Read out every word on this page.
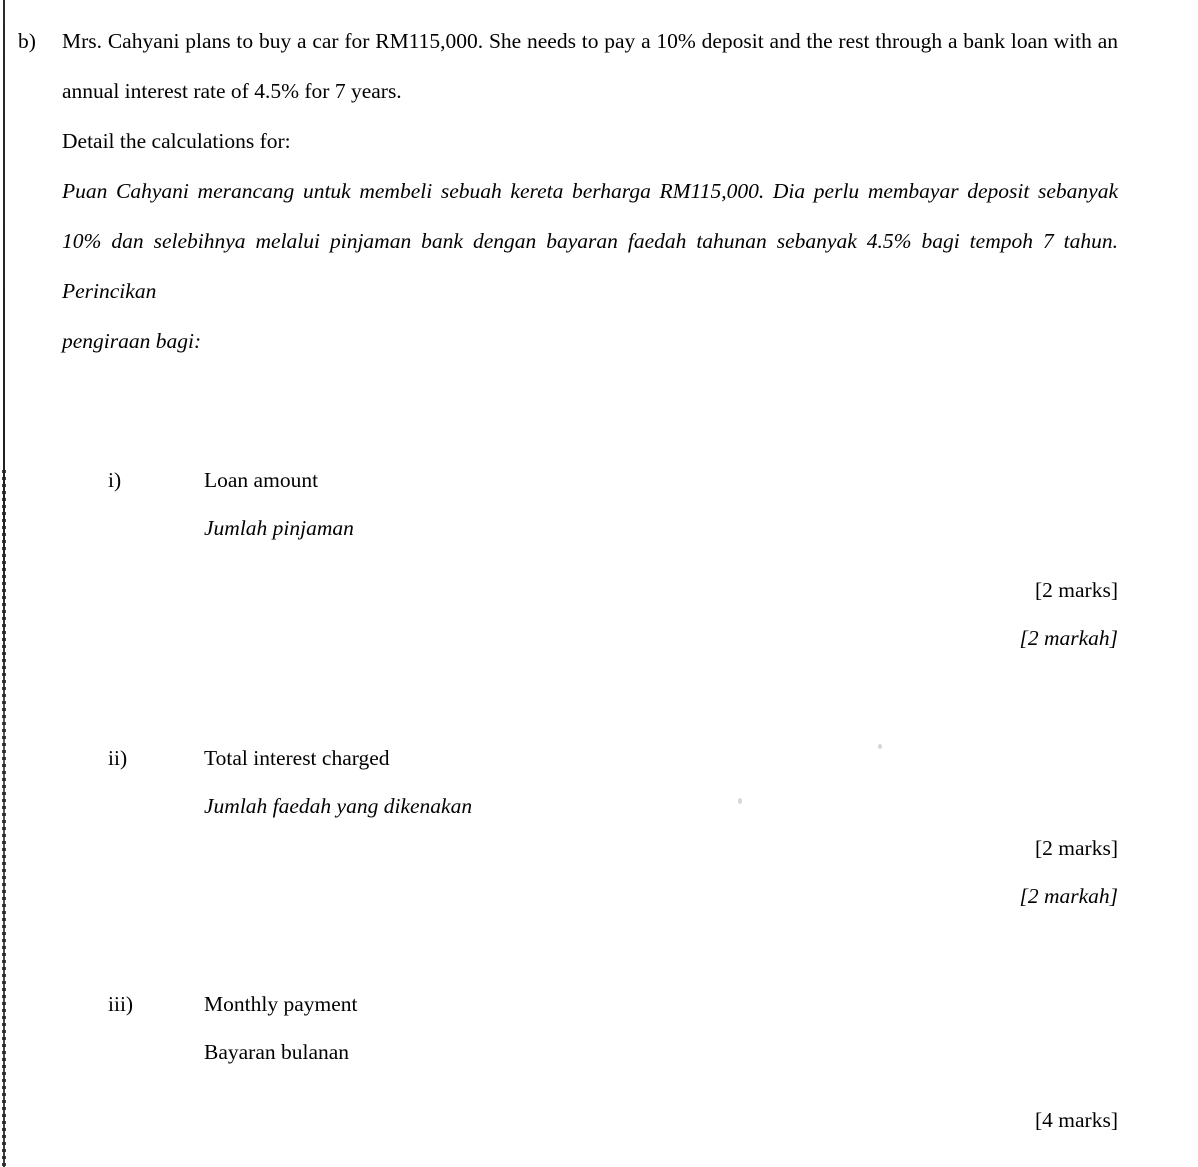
b)	Mrs. Cahyani plans to buy a car for RM115,000. She needs to pay a 10% deposit and the rest through a bank loan with an annual interest rate of 4.5% for 7 years.
Detail the calculations for:

Puan Cahyani merancang untuk membeli sebuah kereta berharga RM115,000. Dia perlu membayar deposit sebanyak 10% dan selebihnya melalui pinjaman bank dengan bayaran faedah tahunan sebanyak 4.5% bagi tempoh 7 tahun. Perincikan
pengiraan bagi:

i)	Loan amount
Jumlah pinjaman
[2 marks]
[2 markah]
ii)	Total interest charged
Jumlah faedah yang dikenakan
[2 marks]
[2 markah]
iii)	Monthly payment
Bayaran bulanan
[4 marks]
